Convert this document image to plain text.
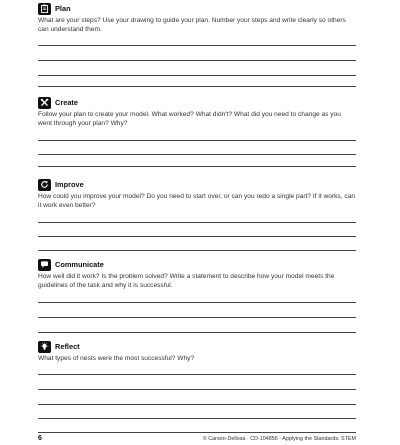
Plan
What are your steps? Use your drawing to guide your plan. Number your steps and write clearly so others can understand them.
Create
Follow your plan to create your model. What worked? What didn't? What did you need to change as you went through your plan? Why?
Improve
How could you improve your model? Do you need to start over, or can you redo a single part? If it works, can it work even better?
Communicate
How well did it work? Is the problem solved? Write a statement to describe how your model meets the guidelines of the task and why it is successful.
Reflect
What types of nests were the most successful? Why?
6	© Carson-Dellosa · CD-104856 · Applying the Standards: STEM
